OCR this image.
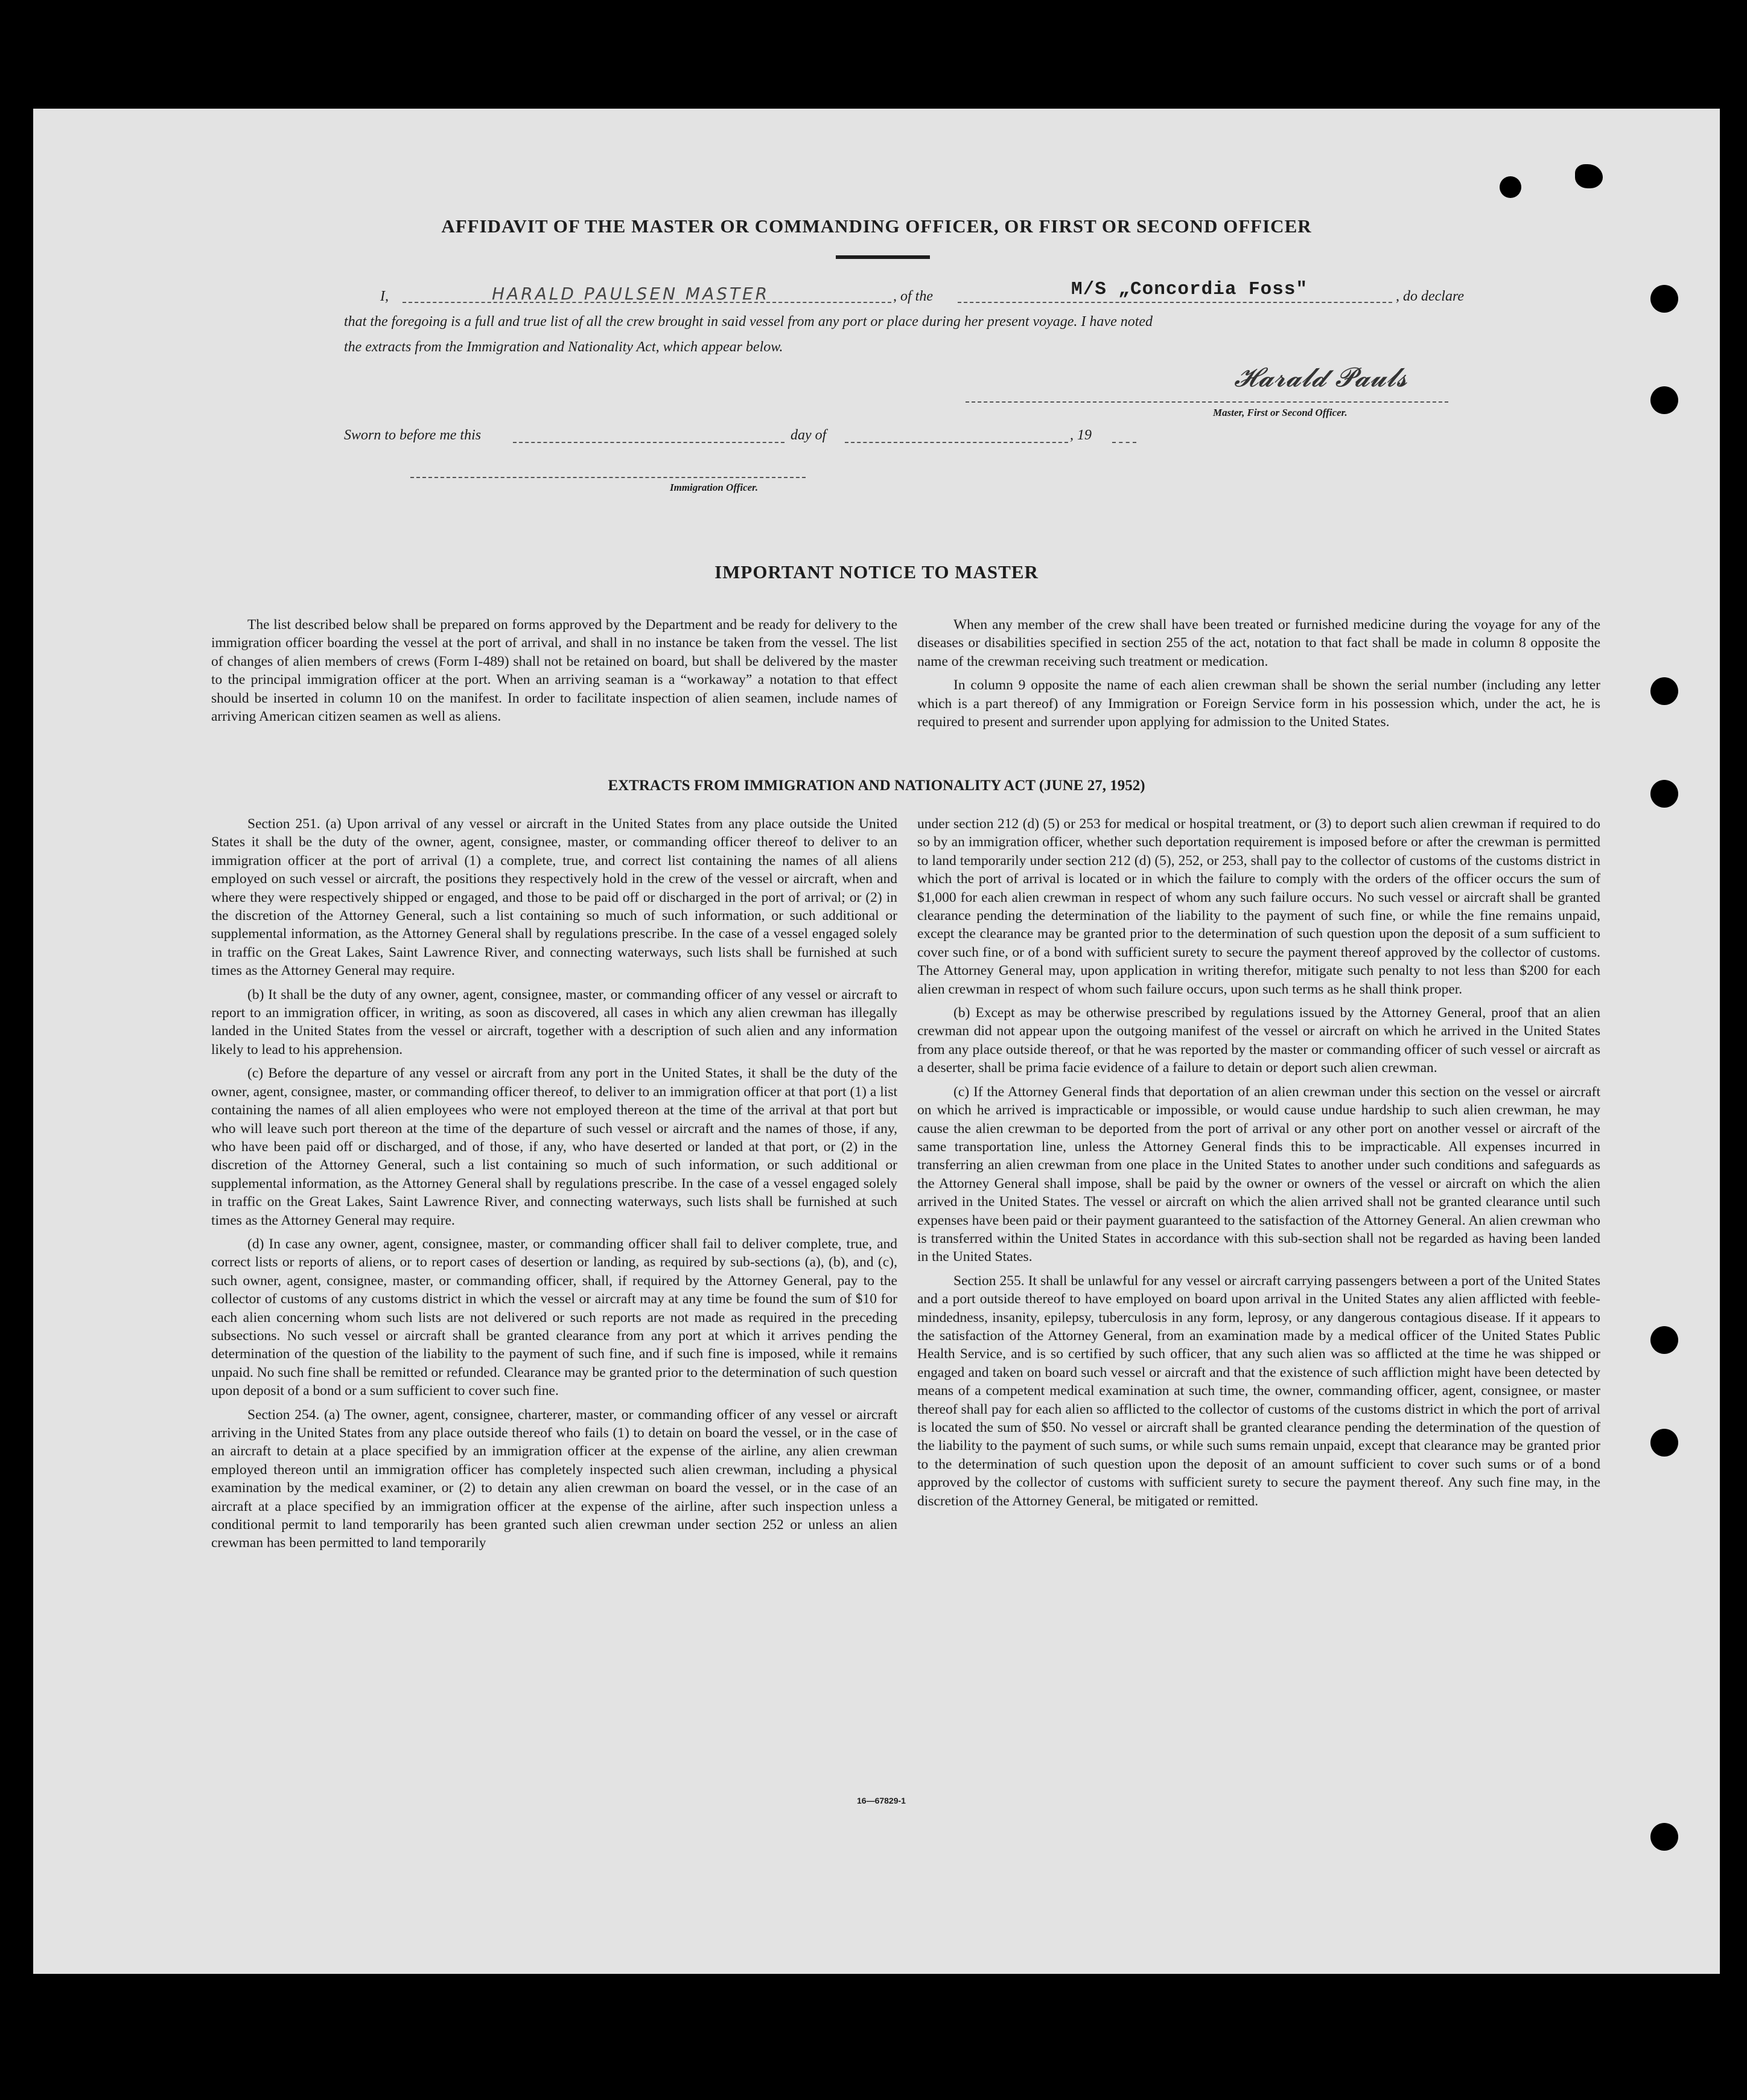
AFFIDAVIT OF THE MASTER OR COMMANDING OFFICER, OR FIRST OR SECOND OFFICER
I,	HARALD PAULSEN MASTER	, of the	M/S „Concordia Foss"	, do declare
that the foregoing is a full and true list of all the crew brought in said vessel from any port or place during her present voyage. I have noted
the extracts from the Immigration and Nationality Act, which appear below.
𝓗𝓪𝓻𝓪𝓵𝓭 𝓟𝓪𝓾𝓵𝓼
Master, First or Second Officer.
Sworn to before me this	day of	, 19
Immigration Officer.
IMPORTANT NOTICE TO MASTER

The list described below shall be prepared on forms approved by the Department and be ready for delivery to the immigration officer boarding the vessel at the port of arrival, and shall in no instance be taken from the vessel. The list of changes of alien members of crews (Form I-489) shall not be retained on board, but shall be delivered by the master to the principal immigration officer at the port. When an arriving seaman is a “workaway” a notation to that effect should be inserted in column 10 on the manifest. In order to facilitate inspection of alien seamen, include names of arriving American citizen seamen as well as aliens.

When any member of the crew shall have been treated or furnished medicine during the voyage for any of the diseases or disabilities specified in section 255 of the act, notation to that fact shall be made in column 8 opposite the name of the crewman receiving such treatment or medication.

In column 9 opposite the name of each alien crewman shall be shown the serial number (including any letter which is a part thereof) of any Immigration or Foreign Service form in his possession which, under the act, he is required to present and surrender upon applying for admission to the United States.

EXTRACTS FROM IMMIGRATION AND NATIONALITY ACT (JUNE 27, 1952)

Section 251. (a) Upon arrival of any vessel or aircraft in the United States from any place outside the United States it shall be the duty of the owner, agent, consignee, master, or commanding officer thereof to deliver to an immigration officer at the port of arrival (1) a complete, true, and correct list containing the names of all aliens employed on such vessel or aircraft, the positions they respectively hold in the crew of the vessel or aircraft, when and where they were respectively shipped or engaged, and those to be paid off or discharged in the port of arrival; or (2) in the discretion of the Attorney General, such a list containing so much of such information, or such additional or supplemental information, as the Attorney General shall by regulations prescribe. In the case of a vessel engaged solely in traffic on the Great Lakes, Saint Lawrence River, and connecting waterways, such lists shall be furnished at such times as the Attorney General may require.

(b) It shall be the duty of any owner, agent, consignee, master, or commanding officer of any vessel or aircraft to report to an immigration officer, in writing, as soon as discovered, all cases in which any alien crewman has illegally landed in the United States from the vessel or aircraft, together with a description of such alien and any information likely to lead to his apprehension.

(c) Before the departure of any vessel or aircraft from any port in the United States, it shall be the duty of the owner, agent, consignee, master, or commanding officer thereof, to deliver to an immigration officer at that port (1) a list containing the names of all alien employees who were not employed thereon at the time of the arrival at that port but who will leave such port thereon at the time of the departure of such vessel or aircraft and the names of those, if any, who have been paid off or discharged, and of those, if any, who have deserted or landed at that port, or (2) in the discretion of the Attorney General, such a list containing so much of such information, or such additional or supplemental information, as the Attorney General shall by regulations prescribe. In the case of a vessel engaged solely in traffic on the Great Lakes, Saint Lawrence River, and connecting waterways, such lists shall be furnished at such times as the Attorney General may require.

(d) In case any owner, agent, consignee, master, or commanding officer shall fail to deliver complete, true, and correct lists or reports of aliens, or to report cases of desertion or landing, as required by sub-sections (a), (b), and (c), such owner, agent, consignee, master, or commanding officer, shall, if required by the Attorney General, pay to the collector of customs of any customs district in which the vessel or aircraft may at any time be found the sum of $10 for each alien concerning whom such lists are not delivered or such reports are not made as required in the preceding subsections. No such vessel or aircraft shall be granted clearance from any port at which it arrives pending the determination of the question of the liability to the payment of such fine, and if such fine is imposed, while it remains unpaid. No such fine shall be remitted or refunded. Clearance may be granted prior to the determination of such question upon deposit of a bond or a sum sufficient to cover such fine.

Section 254. (a) The owner, agent, consignee, charterer, master, or commanding officer of any vessel or aircraft arriving in the United States from any place outside thereof who fails (1) to detain on board the vessel, or in the case of an aircraft to detain at a place specified by an immigration officer at the expense of the airline, any alien crewman employed thereon until an immigration officer has completely inspected such alien crewman, including a physical examination by the medical examiner, or (2) to detain any alien crewman on board the vessel, or in the case of an aircraft at a place specified by an immigration officer at the expense of the airline, after such inspection unless a conditional permit to land temporarily has been granted such alien crewman under section 252 or unless an alien crewman has been permitted to land temporarily

under section 212 (d) (5) or 253 for medical or hospital treatment, or (3) to deport such alien crewman if required to do so by an immigration officer, whether such deportation requirement is imposed before or after the crewman is permitted to land temporarily under section 212 (d) (5), 252, or 253, shall pay to the collector of customs of the customs district in which the port of arrival is located or in which the failure to comply with the orders of the officer occurs the sum of $1,000 for each alien crewman in respect of whom any such failure occurs. No such vessel or aircraft shall be granted clearance pending the determination of the liability to the payment of such fine, or while the fine remains unpaid, except the clearance may be granted prior to the determination of such question upon the deposit of a sum sufficient to cover such fine, or of a bond with sufficient surety to secure the payment thereof approved by the collector of customs. The Attorney General may, upon application in writing therefor, mitigate such penalty to not less than $200 for each alien crewman in respect of whom such failure occurs, upon such terms as he shall think proper.

(b) Except as may be otherwise prescribed by regulations issued by the Attorney General, proof that an alien crewman did not appear upon the outgoing manifest of the vessel or aircraft on which he arrived in the United States from any place outside thereof, or that he was reported by the master or commanding officer of such vessel or aircraft as a deserter, shall be prima facie evidence of a failure to detain or deport such alien crewman.

(c) If the Attorney General finds that deportation of an alien crewman under this section on the vessel or aircraft on which he arrived is impracticable or impossible, or would cause undue hardship to such alien crewman, he may cause the alien crewman to be deported from the port of arrival or any other port on another vessel or aircraft of the same transportation line, unless the Attorney General finds this to be impracticable. All expenses incurred in transferring an alien crewman from one place in the United States to another under such conditions and safeguards as the Attorney General shall impose, shall be paid by the owner or owners of the vessel or aircraft on which the alien arrived in the United States. The vessel or aircraft on which the alien arrived shall not be granted clearance until such expenses have been paid or their payment guaranteed to the satisfaction of the Attorney General. An alien crewman who is transferred within the United States in accordance with this sub-section shall not be regarded as having been landed in the United States.

Section 255. It shall be unlawful for any vessel or aircraft carrying passengers between a port of the United States and a port outside thereof to have employed on board upon arrival in the United States any alien afflicted with feeble-mindedness, insanity, epilepsy, tuberculosis in any form, leprosy, or any dangerous contagious disease. If it appears to the satisfaction of the Attorney General, from an examination made by a medical officer of the United States Public Health Service, and is so certified by such officer, that any such alien was so afflicted at the time he was shipped or engaged and taken on board such vessel or aircraft and that the existence of such affliction might have been detected by means of a competent medical examination at such time, the owner, commanding officer, agent, consignee, or master thereof shall pay for each alien so afflicted to the collector of customs of the customs district in which the port of arrival is located the sum of $50. No vessel or aircraft shall be granted clearance pending the determination of the question of the liability to the payment of such sums, or while such sums remain unpaid, except that clearance may be granted prior to the determination of such question upon the deposit of an amount sufficient to cover such sums or of a bond approved by the collector of customs with sufficient surety to secure the payment thereof. Any such fine may, in the discretion of the Attorney General, be mitigated or remitted.

16—67829-1
